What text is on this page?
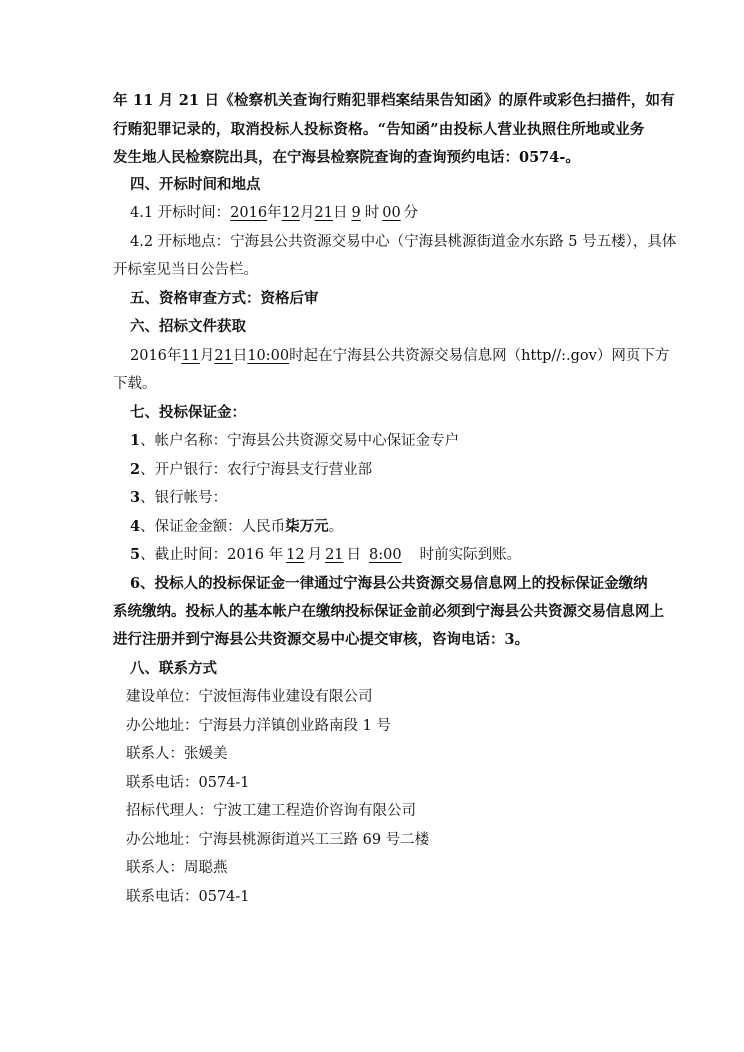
年 11 月 21 日《检察机关查询行贿犯罪档案结果告知函》的原件或彩色扫描件，如有
行贿犯罪记录的，取消投标人投标资格。“告知函”由投标人营业执照住所地或业务
发生地人民检察院出具，在宁海县检察院查询的查询预约电话：0574-。
四、开标时间和地点
4.1 开标时间：2016年12月21日 9 时 00 分
4.2 开标地点：宁海县公共资源交易中心（宁海县桃源街道金水东路 5 号五楼），具体
开标室见当日公告栏。
五、资格审查方式：资格后审
六、招标文件获取
2016年11月21日10:00时起在宁海县公共资源交易信息网（http//:.gov）网页下方
下载。
七、投标保证金：
1、帐户名称：宁海县公共资源交易中心保证金专户
2、开户银行：农行宁海县支行营业部
3、银行帐号：
4、保证金金额：人民币柒万元。
5、截止时间：2016 年 12 月 21 日 8:00 时前实际到账。
6、投标人的投标保证金一律通过宁海县公共资源交易信息网上的投标保证金缴纳
系统缴纳。投标人的基本帐户在缴纳投标保证金前必须到宁海县公共资源交易信息网上
进行注册并到宁海县公共资源交易中心提交审核，咨询电话：3。
八、联系方式
建设单位：宁波恒海伟业建设有限公司
办公地址：宁海县力洋镇创业路南段 1 号
联系人：张媛美
联系电话：0574-1
招标代理人：宁波工建工程造价咨询有限公司
办公地址：宁海县桃源街道兴工三路 69 号二楼
联系人：周聪燕
联系电话：0574-1
